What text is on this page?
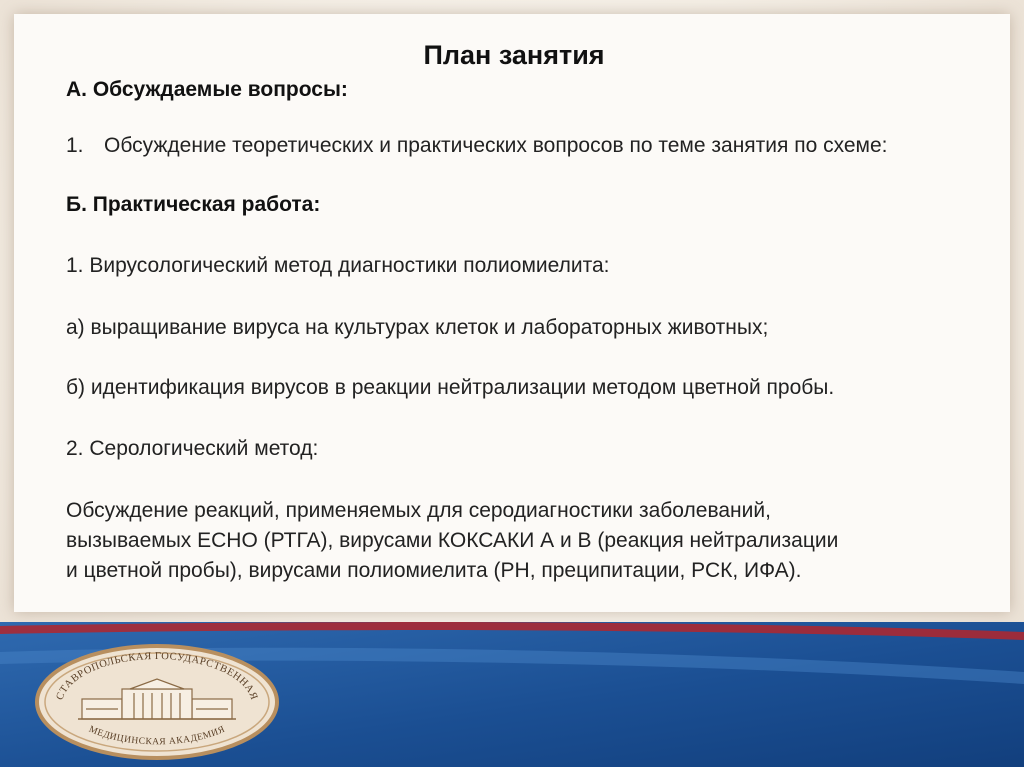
План занятия
А. Обсуждаемые вопросы:
1. Обсуждение теоретических и практических вопросов по теме занятия по схеме:
Б. Практическая работа:
1. Вирусологический метод диагностики полиомиелита:
а) выращивание вируса на культурах клеток и лабораторных животных;
б) идентификация вирусов в реакции нейтрализации методом цветной пробы.
2. Серологический метод:
Обсуждение реакций, применяемых для серодиагностики заболеваний,
вызываемых ЕСНО (РТГА), вирусами КОКСАКИ А и В (реакция нейтрализации
и цветной пробы), вирусами полиомиелита (РН, преципитации, РСК, ИФА).
СТАВРОПОЛЬСКАЯ ГОСУДАРСТВЕННАЯ
МЕДИЦИНСКАЯ АКАДЕМИЯ
